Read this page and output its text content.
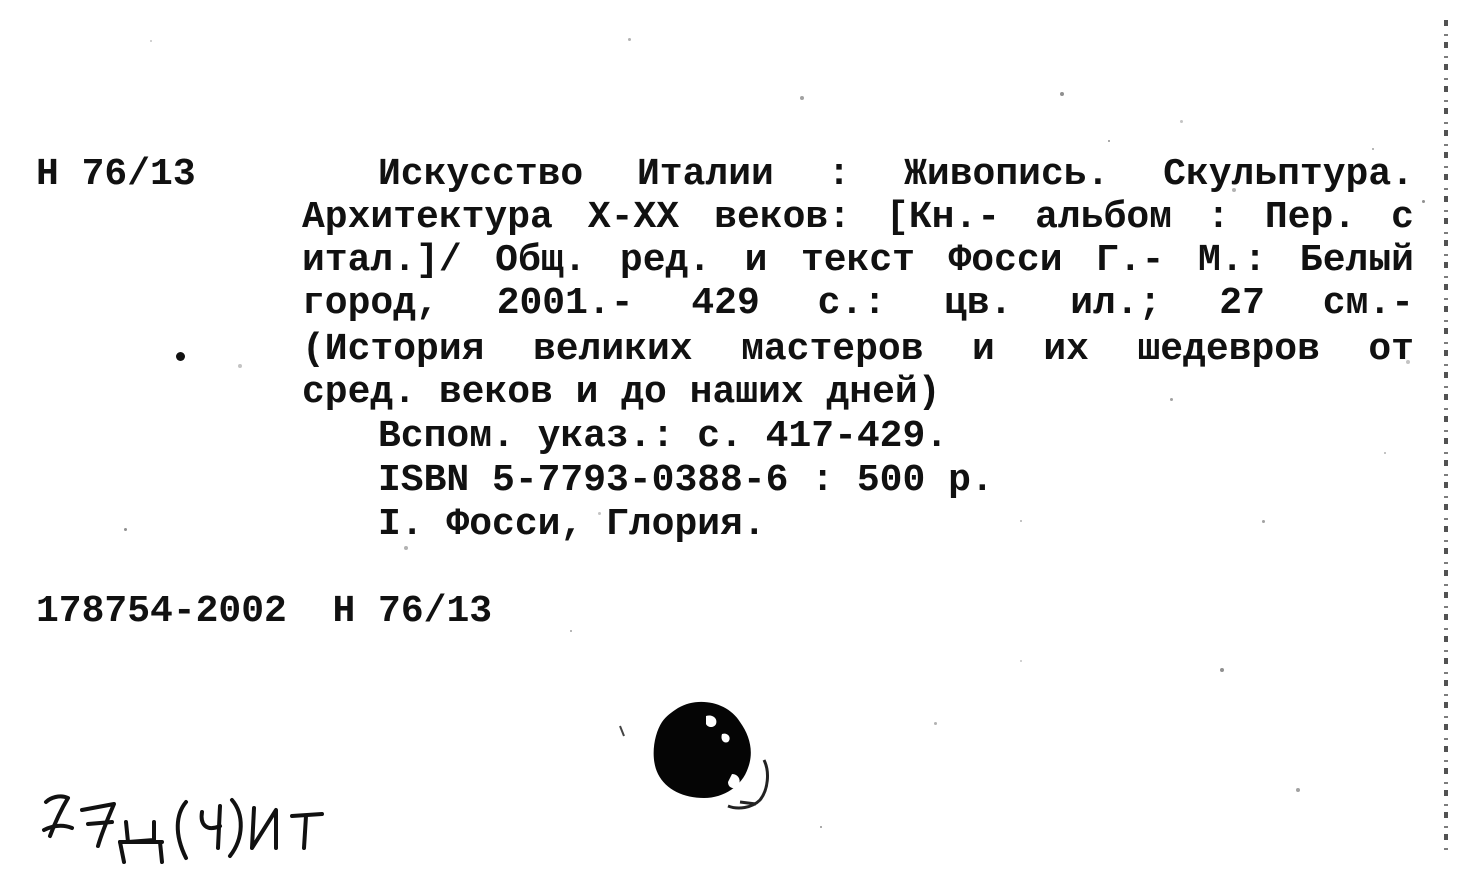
Н 76/13	Искусство Италии : Живопись. Скульптура.
Архитектура X-XX веков: [Кн.- альбом : Пер. с
итал.]/ Общ. ред. и текст Фосси Г.- М.: Белый
город, 2001.- 429 с.: цв. ил.; 27 см.-
(История великих мастеров и их шедевров от
сред. веков и до наших дней)
Вспом. указ.: с. 417-429.
ISBN 5-7793-0388-6 : 500 р.
I. Фосси, Глория.
178754-2002  Н 76/13
